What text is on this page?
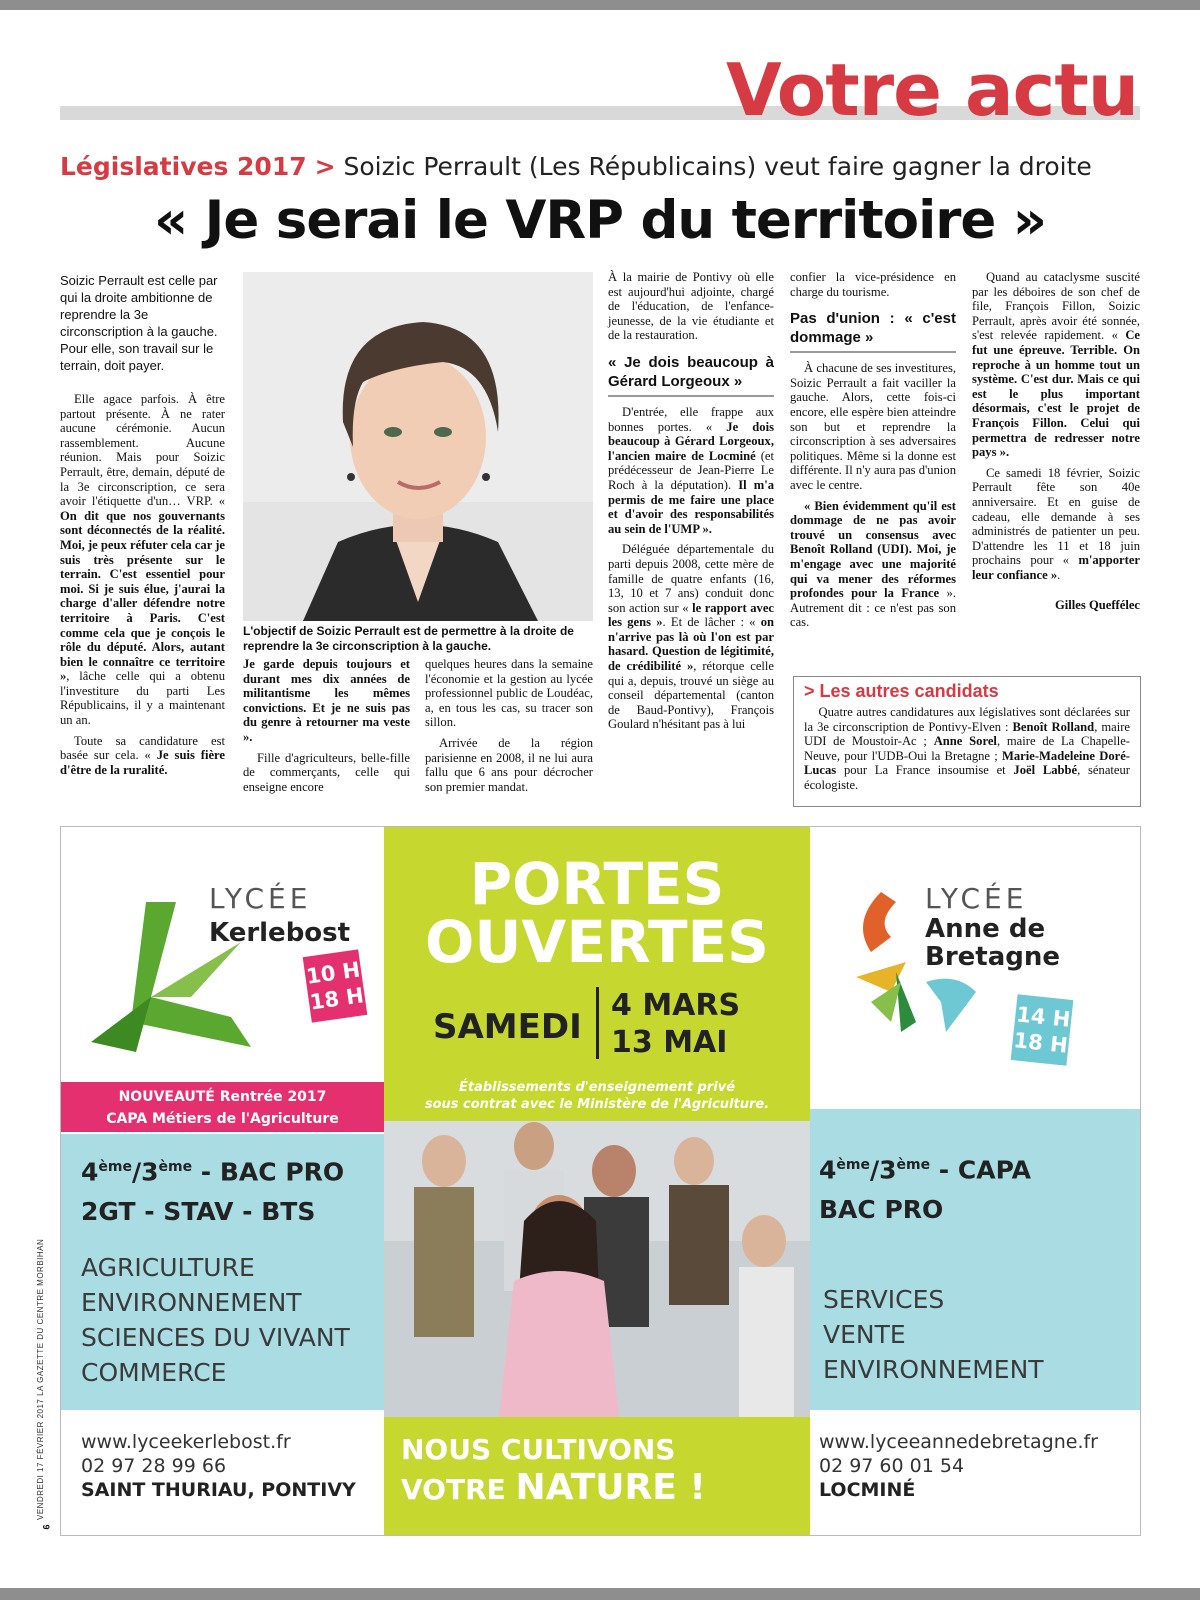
Votre actu
Législatives 2017 > Soizic Perrault (Les Républicains) veut faire gagner la droite
« Je serai le VRP du territoire »
Soizic Perrault est celle par qui la droite ambitionne de reprendre la 3e circonscription à la gauche. Pour elle, son travail sur le terrain, doit payer.

Elle agace parfois. À être partout présente. À ne rater aucune cérémonie. Aucun rassemblement. Aucune réunion. Mais pour Soizic Perrault, être, demain, député de la 3e circonscription, ce sera avoir l'étiquette d'un… VRP. « On dit que nos gouvernants sont déconnectés de la réalité. Moi, je peux réfuter cela car je suis très présente sur le terrain. C'est essentiel pour moi. Si je suis élue, j'aurai la charge d'aller défendre notre territoire à Paris. C'est comme cela que je conçois le rôle du député. Alors, autant bien le connaître ce territoire », lâche celle qui a obtenu l'investiture du parti Les Républicains, il y a maintenant un an.

Toute sa candidature est basée sur cela. « Je suis fière d'être de la ruralité.

L'objectif de Soizic Perrault est de permettre à la droite de reprendre la 3e circonscription à la gauche.

Je garde depuis toujours et durant mes dix années de militantisme les mêmes convictions. Et je ne suis pas du genre à retourner ma veste ».

Fille d'agriculteurs, belle-fille de commerçants, celle qui enseigne encore

quelques heures dans la semaine l'économie et la gestion au lycée professionnel public de Loudéac, a, en tous les cas, su tracer son sillon.

Arrivée de la région parisienne en 2008, il ne lui aura fallu que 6 ans pour décrocher son premier mandat.

À la mairie de Pontivy où elle est aujourd'hui adjointe, chargé de l'éducation, de l'enfance-jeunesse, de la vie étudiante et de la restauration.

« Je dois beaucoup à Gérard Lorgeoux »

D'entrée, elle frappe aux bonnes portes. « Je dois beaucoup à Gérard Lorgeoux, l'ancien maire de Locminé (et prédécesseur de Jean-Pierre Le Roch à la députation). Il m'a permis de me faire une place et d'avoir des responsabilités au sein de l'UMP ».

Déléguée départementale du parti depuis 2008, cette mère de famille de quatre enfants (16, 13, 10 et 7 ans) conduit donc son action sur « le rapport avec les gens ». Et de lâcher : « on n'arrive pas là où l'on est par hasard. Question de légitimité, de crédibilité », rétorque celle qui a, depuis, trouvé un siège au conseil départemental (canton de Baud-Pontivy), François Goulard n'hésitant pas à lui

confier la vice-présidence en charge du tourisme.

Pas d'union : « c'est dommage »

À chacune de ses investitures, Soizic Perrault a fait vaciller la gauche. Alors, cette fois-ci encore, elle espère bien atteindre son but et reprendre la circonscription à ses adversaires politiques. Même si la donne est différente. Il n'y aura pas d'union avec le centre.

« Bien évidemment qu'il est dommage de ne pas avoir trouvé un consensus avec Benoît Rolland (UDI). Moi, je m'engage avec une majorité qui va mener des réformes profondes pour la France ». Autrement dit : ce n'est pas son cas.

Quand au cataclysme suscité par les déboires de son chef de file, François Fillon, Soizic Perrault, après avoir été sonnée, s'est relevée rapidement. « Ce fut une épreuve. Terrible. On reproche à un homme tout un système. C'est dur. Mais ce qui est le plus important désormais, c'est le projet de François Fillon. Celui qui permettra de redresser notre pays ».

Ce samedi 18 février, Soizic Perrault fête son 40e anniversaire. Et en guise de cadeau, elle demande à ses administrés de patienter un peu. D'attendre les 11 et 18 juin prochains pour « m'apporter leur confiance ».

Gilles Queffélec
> Les autres candidats
Quatre autres candidatures aux législatives sont déclarées sur la 3e circonscription de Pontivy-Elven : Benoît Rolland, maire UDI de Moustoir-Ac ; Anne Sorel, maire de La Chapelle-Neuve, pour l'UDB-Oui la Bretagne ; Marie-Madeleine Doré-Lucas pour La France insoumise et Joël Labbé, sénateur écologiste.
LYCÉE
Kerlebost
10 H
18 H
NOUVEAUTÉ Rentrée 2017
CAPA Métiers de l'Agriculture
4ème/3ème - BAC PRO
2GT - STAV - BTS
AGRICULTURE
ENVIRONNEMENT
SCIENCES DU VIVANT
COMMERCE
www.lyceekerlebost.fr
02 97 28 99 66
SAINT THURIAU, PONTIVY
PORTES
OUVERTES
SAMEDI
4 MARS
13 MAI
Établissements d'enseignement privé
sous contrat avec le Ministère de l'Agriculture.
NOUS CULTIVONS
VOTRE NATURE !
LYCÉE
Anne de
Bretagne
14 H
18 H
4ème/3ème - CAPA
BAC PRO
SERVICES
VENTE
ENVIRONNEMENT
www.lyceeannedebretagne.fr
02 97 60 01 54
LOCMINÉ
VENDREDI 17 FÉVRIER 2017 LA GAZETTE DU CENTRE MORBIHAN
6
